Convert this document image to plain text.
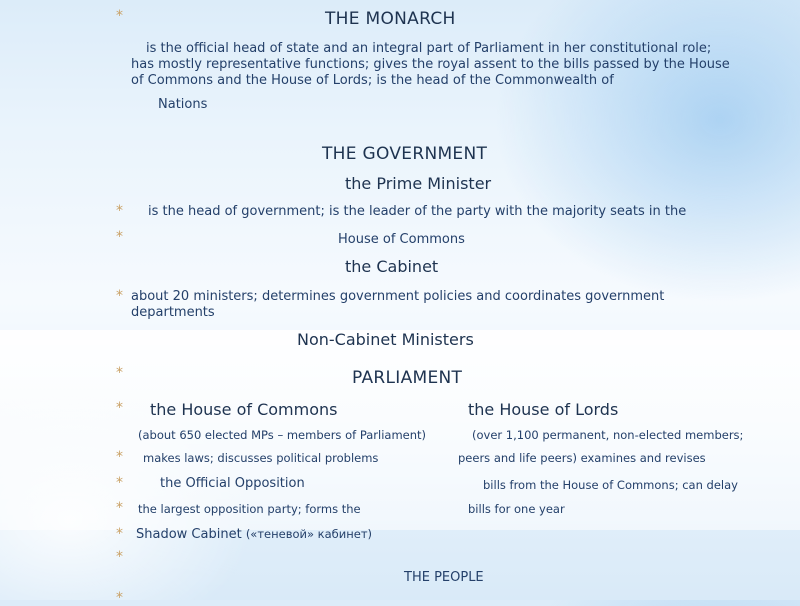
*	THE MONARCH
is the official head of state and an integral part of Parliament in her constitutional role;
has mostly representative functions; gives the royal assent to the bills passed by the House
of Commons and the House of Lords; is the head of the Commonwealth of
Nations
THE GOVERNMENT
the Prime Minister
* is the head of government; is the leader of the party with the majority seats in the
*	House of Commons
the Cabinet
* about 20 ministers; determines government policies and coordinates government
departments
Non-Cabinet Ministers
*	PARLIAMENT
* the House of Commons	the House of Lords
(about 650 elected MPs – members of Parliament)	(over 1,100 permanent, non-elected members;
* makes laws; discusses political problems	peers and life peers) examines and revises
*	the Official Opposition	bills from the House of Commons; can delay
* the largest opposition party; forms the	bills for one year
* Shadow Cabinet («теневой» кабинет)
*
THE PEOPLE
*
